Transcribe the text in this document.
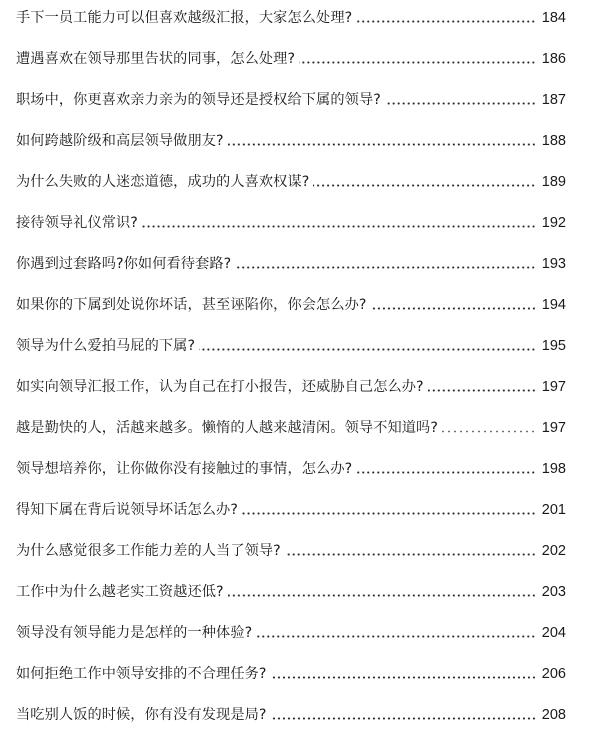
手下一员工能力可以但喜欢越级汇报，大家怎么处理?	184
遭遇喜欢在领导那里告状的同事，怎么处理?	186
职场中，你更喜欢亲力亲为的领导还是授权给下属的领导?	187
如何跨越阶级和高层领导做朋友?	188
为什么失败的人迷恋道德，成功的人喜欢权谋?	189
接待领导礼仪常识?	192
你遇到过套路吗?你如何看待套路?	193
如果你的下属到处说你坏话，甚至诬陷你，你会怎么办?	194
领导为什么爱拍马屁的下属?	195
如实向领导汇报工作，认为自己在打小报告，还威胁自己怎么办?	197
越是勤快的人，活越来越多。懒惰的人越来越清闲。领导不知道吗?	197
领导想培养你，让你做你没有接触过的事情，怎么办?	198
得知下属在背后说领导坏话怎么办?	201
为什么感觉很多工作能力差的人当了领导?	202
工作中为什么越老实工资越还低?	203
领导没有领导能力是怎样的一种体验?	204
如何拒绝工作中领导安排的不合理任务?	206
当吃别人饭的时候，你有没有发现是局?	208
